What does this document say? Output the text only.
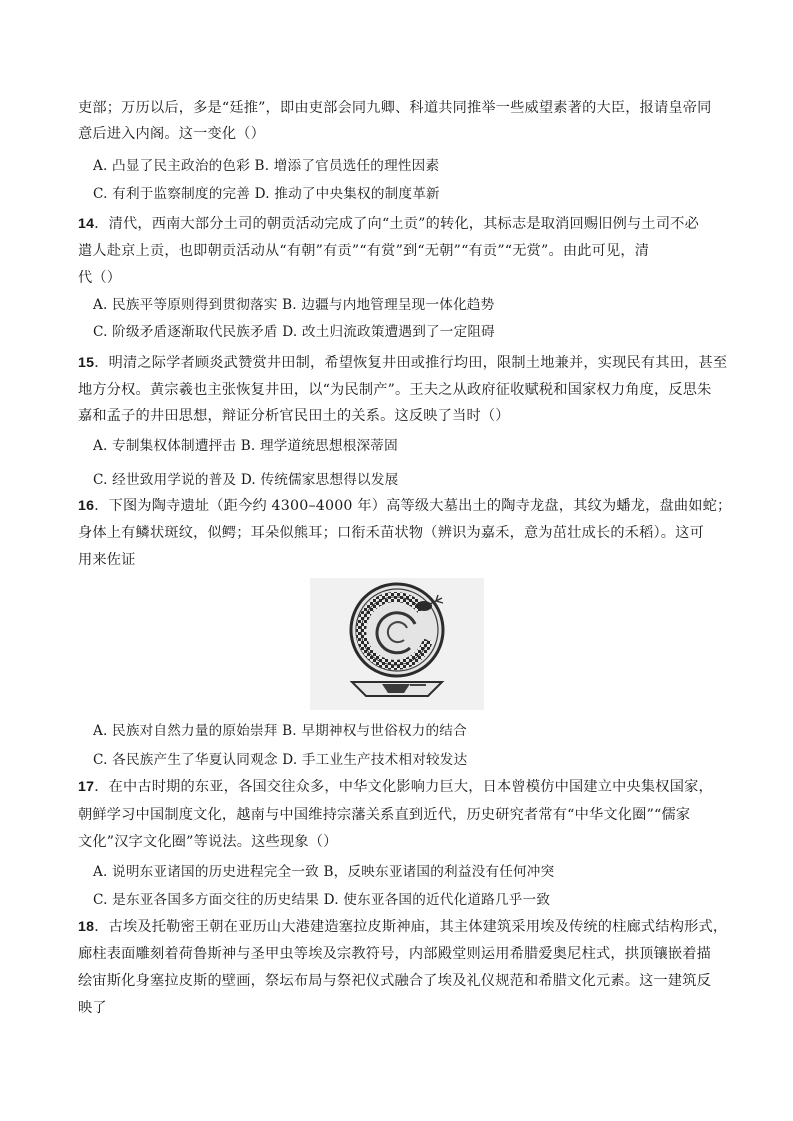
吏部；万历以后，多是“廷推”，即由吏部会同九卿、科道共同推举一些威望素著的大臣，报请皇帝同
意后进入内阁。这一变化（）
A. 凸显了民主政治的色彩 B. 增添了官员选任的理性因素
C. 有利于监察制度的完善 D. 推动了中央集权的制度革新
14．清代，西南大部分土司的朝贡活动完成了向“土贡”的转化，其标志是取消回赐旧例与土司不必
遣人赴京上贡，也即朝贡活动从“有朝”有贡”“有赏”到“无朝”“有贡”“无赏”。由此可见，清
代（）
A. 民族平等原则得到贯彻落实 B. 边疆与内地管理呈现一体化趋势
C. 阶级矛盾逐渐取代民族矛盾 D. 改土归流政策遭遇到了一定阻碍
15．明清之际学者顾炎武赞赏井田制，希望恢复井田或推行均田，限制土地兼并，实现民有其田，甚至
地方分权。黄宗羲也主张恢复井田，以“为民制产”。王夫之从政府征收赋税和国家权力角度，反思朱
嘉和孟子的井田思想，辩证分析官民田土的关系。这反映了当时（）
A. 专制集权体制遭抨击 B. 理学道统思想根深蒂固
C. 经世致用学说的普及 D. 传统儒家思想得以发展
16．下图为陶寺遗址（距今约 4300–4000 年）高等级大墓出土的陶寺龙盘，其纹为蟠龙，盘曲如蛇；
身体上有鳞状斑纹，似鳄；耳朵似熊耳；口衔禾苗状物（辨识为嘉禾，意为茁壮成长的禾稻）。这可
用来佐证
A. 民族对自然力量的原始崇拜 B. 早期神权与世俗权力的结合
C. 各民族产生了华夏认同观念 D. 手工业生产技术相对较发达
17．在中古时期的东亚，各国交往众多，中华文化影响力巨大，日本曾模仿中国建立中央集权国家，
朝鲜学习中国制度文化，越南与中国维持宗藩关系直到近代，历史研究者常有“中华文化圈”“儒家
文化”汉字文化圈”等说法。这些现象（）
A. 说明东亚诸国的历史进程完全一致 B，反映东亚诸国的利益没有任何冲突
C. 是东亚各国多方面交往的历史结果 D. 使东亚各国的近代化道路几乎一致
18．古埃及托勒密王朝在亚历山大港建造塞拉皮斯神庙，其主体建筑采用埃及传统的柱廊式结构形式，
廊柱表面雕刻着荷鲁斯神与圣甲虫等埃及宗教符号，内部殿堂则运用希腊爱奥尼柱式，拱顶镶嵌着描
绘宙斯化身塞拉皮斯的壁画，祭坛布局与祭祀仪式融合了埃及礼仪规范和希腊文化元素。这一建筑反
映了
